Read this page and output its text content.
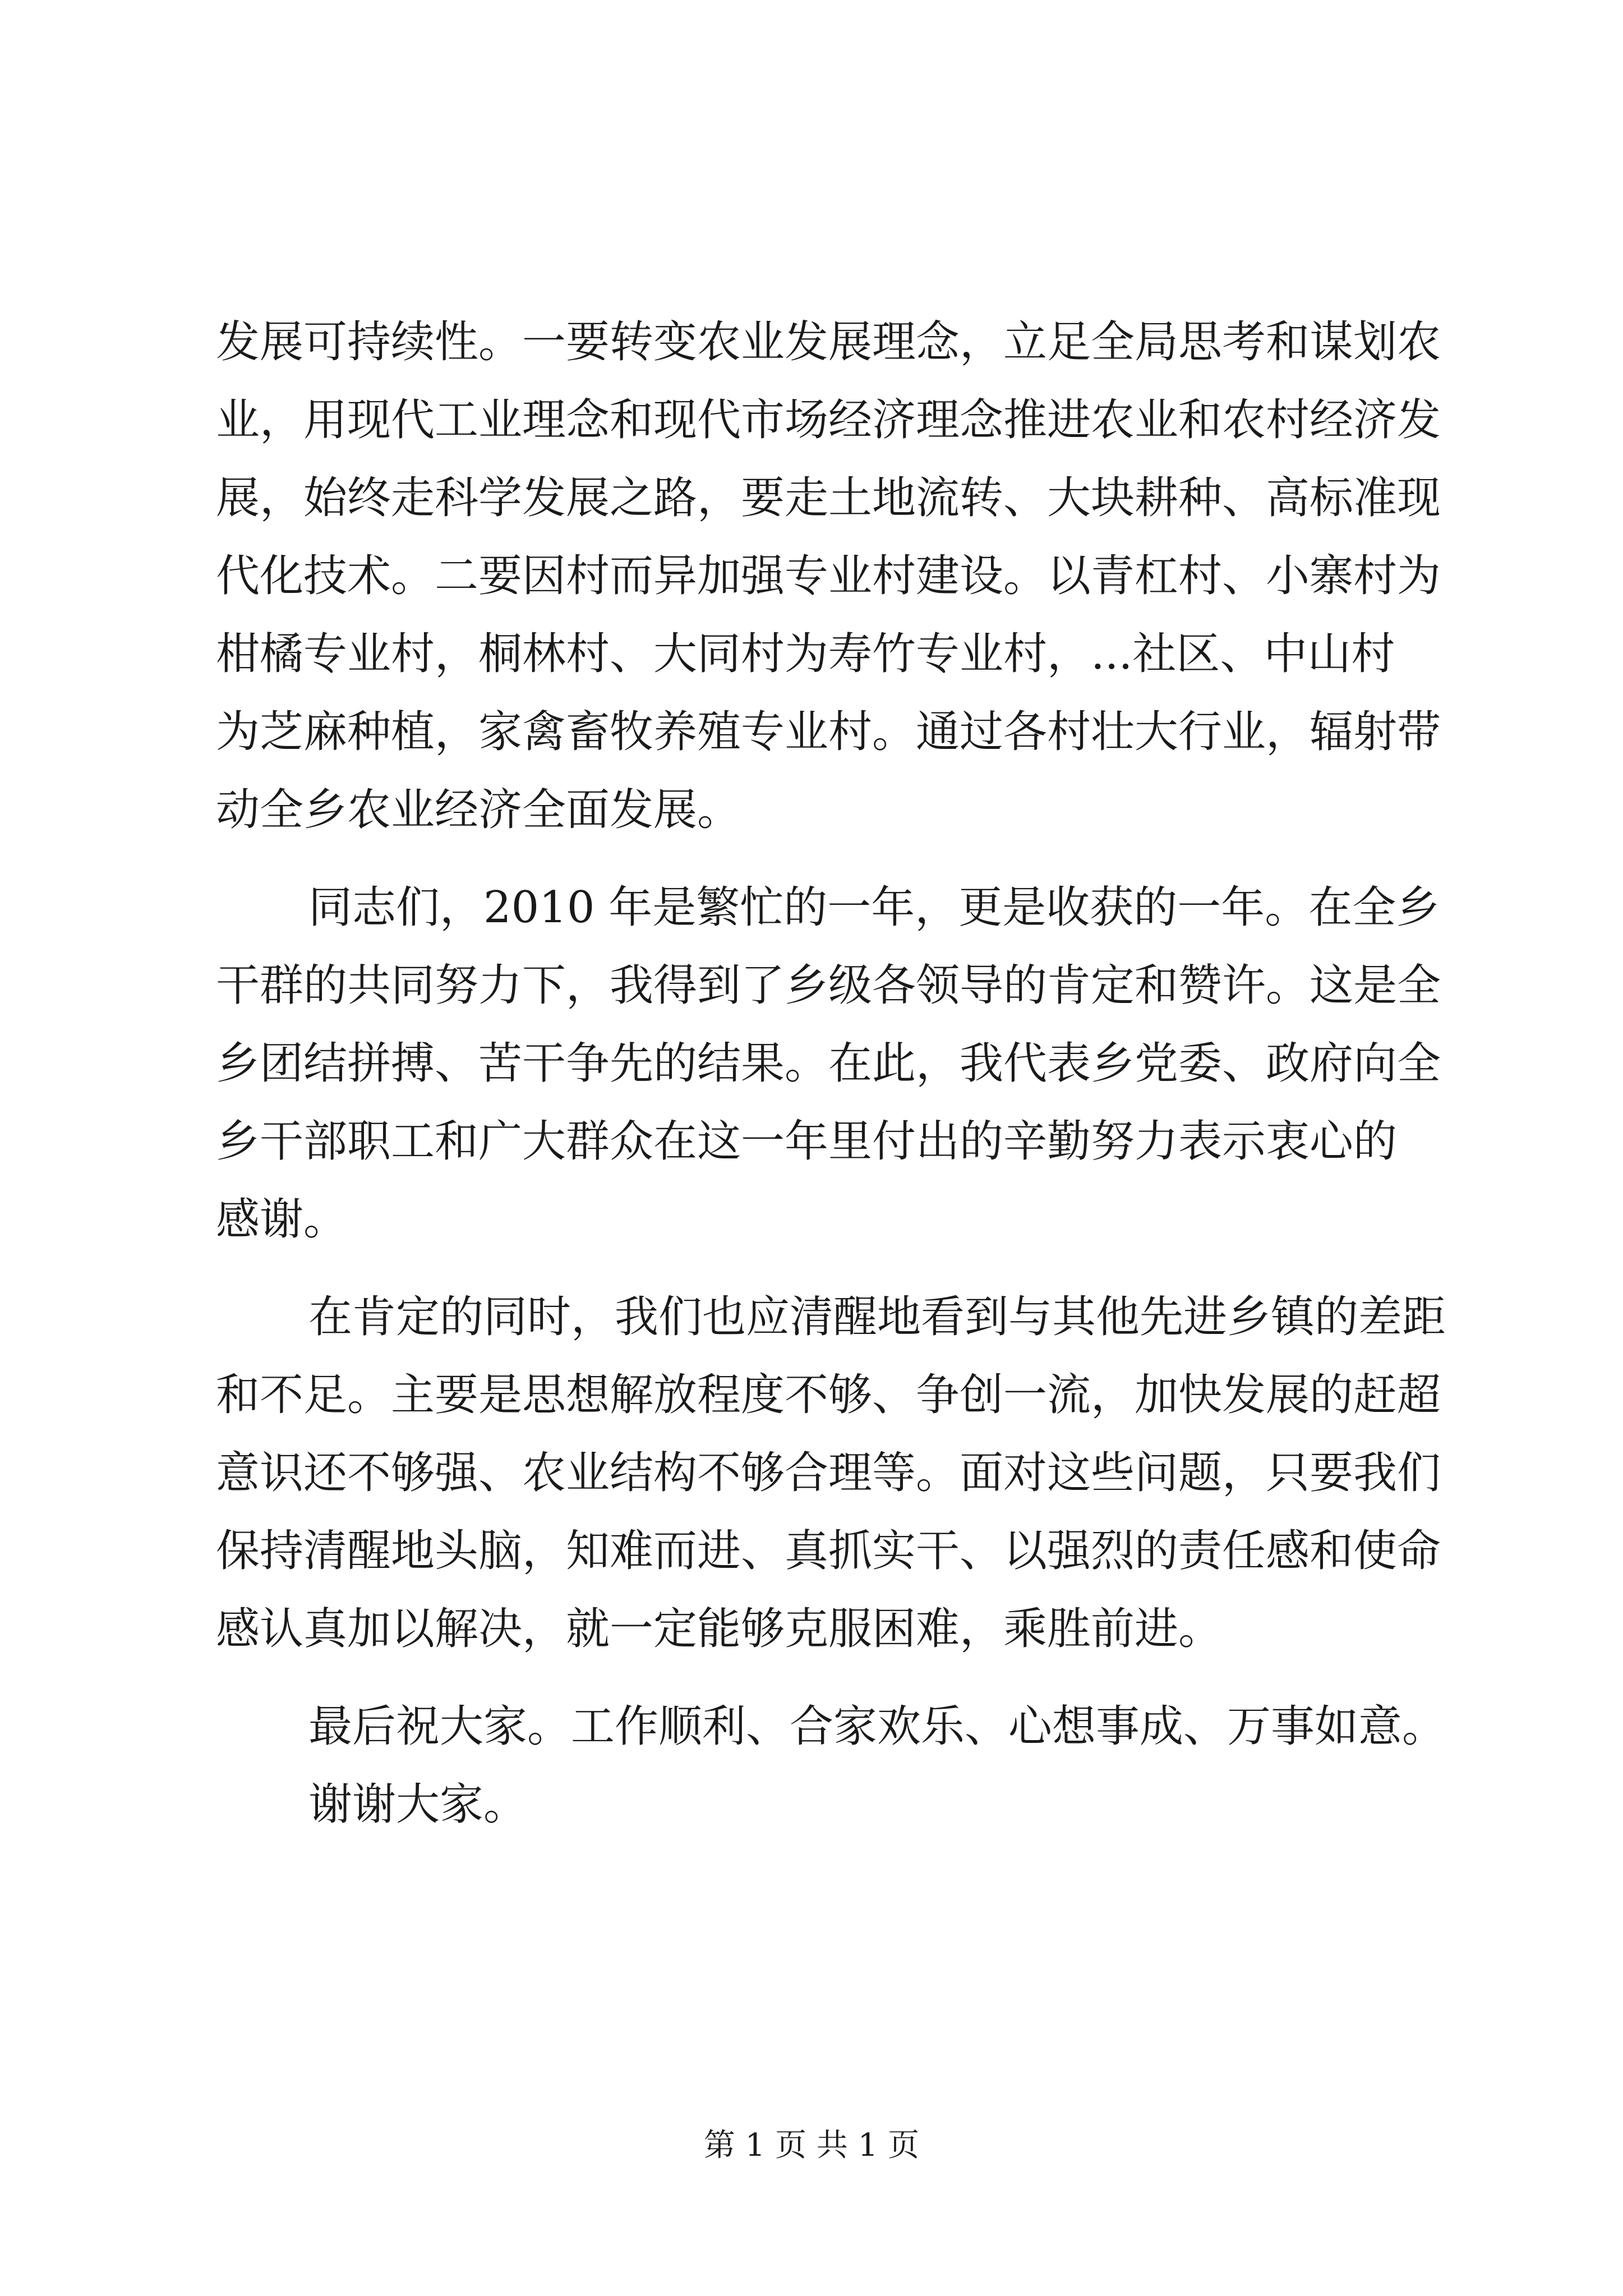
发展可持续性。一要转变农业发展理念，立足全局思考和谋划农
业，用现代工业理念和现代市场经济理念推进农业和农村经济发
展，始终走科学发展之路，要走土地流转、大块耕种、高标准现
代化技术。二要因村而异加强专业村建设。以青杠村、小寨村为
柑橘专业村，桐林村、大同村为寿竹专业村，...社区、中山村
为芝麻种植，家禽畜牧养殖专业村。通过各村壮大行业，辐射带
动全乡农业经济全面发展。
同志们，2010 年是繁忙的一年，更是收获的一年。在全乡
干群的共同努力下，我得到了乡级各领导的肯定和赞许。这是全
乡团结拼搏、苦干争先的结果。在此，我代表乡党委、政府向全
乡干部职工和广大群众在这一年里付出的辛勤努力表示衷心的
感谢。
在肯定的同时，我们也应清醒地看到与其他先进乡镇的差距
和不足。主要是思想解放程度不够、争创一流，加快发展的赶超
意识还不够强、农业结构不够合理等。面对这些问题，只要我们
保持清醒地头脑，知难而进、真抓实干、以强烈的责任感和使命
感认真加以解决，就一定能够克服困难，乘胜前进。
最后祝大家。工作顺利、合家欢乐、心想事成、万事如意。
谢谢大家。
第 1 页 共 1 页
